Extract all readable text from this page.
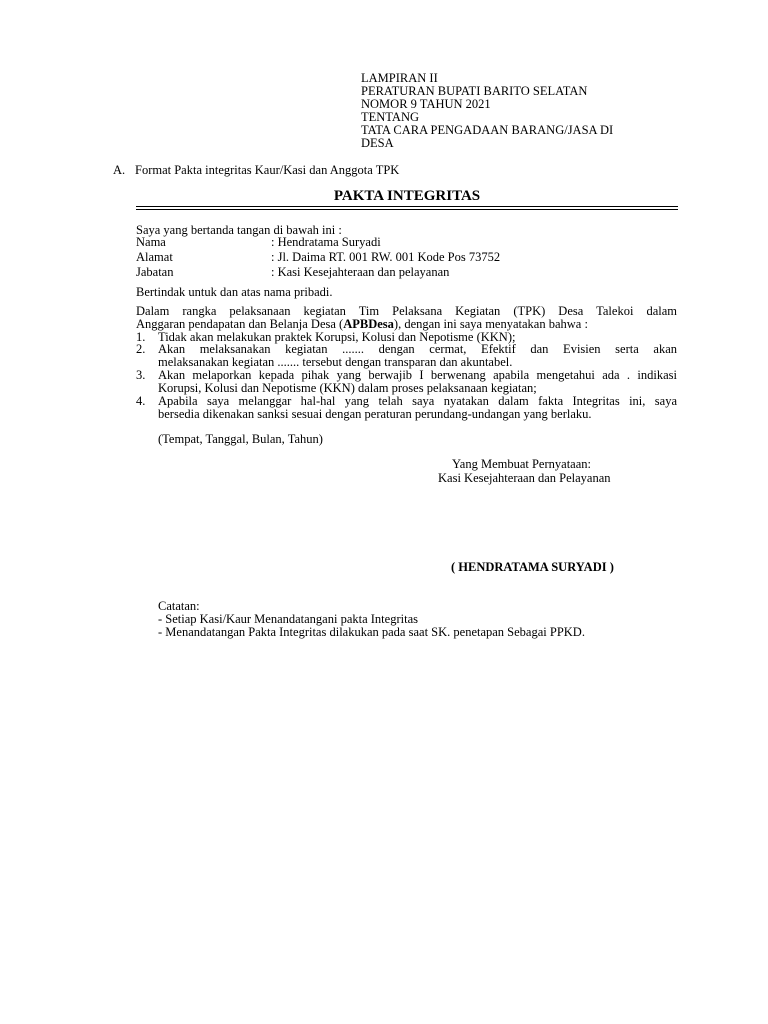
LAMPIRAN II
PERATURAN BUPATI BARITO SELATAN
NOMOR 9 TAHUN 2021
TENTANG
TATA CARA PENGADAAN BARANG/JASA DI
DESA
A. Format Pakta integritas Kaur/Kasi dan Anggota TPK
PAKTA INTEGRITAS
Saya yang bertanda tangan di bawah ini :
Nama	: Hendratama Suryadi
Alamat	: Jl. Daima RT. 001 RW. 001 Kode Pos 73752
Jabatan	: Kasi Kesejahteraan dan pelayanan
Bertindak untuk dan atas nama pribadi.
Dalam rangka pelaksanaan kegiatan Tim Pelaksana Kegiatan (TPK) Desa Talekoi dalam
Anggaran pendapatan dan Belanja Desa (APBDesa), dengan ini saya menyatakan bahwa :
1.	Tidak akan melakukan praktek Korupsi, Kolusi dan Nepotisme (KKN);
2.	Akan melaksanakan kegiatan ....... dengan cermat, Efektif dan Evisien serta akan
melaksanakan kegiatan ....... tersebut dengan transparan dan akuntabel.
3.	Akan melaporkan kepada pihak yang berwajib I berwenang apabila mengetahui ada . indikasi
Korupsi, Kolusi dan Nepotisme (KKN) dalam proses pelaksanaan kegiatan;
4.	Apabila saya melanggar hal-hal yang telah saya nyatakan dalam fakta Integritas ini, saya
bersedia dikenakan sanksi sesuai dengan peraturan perundang-undangan yang berlaku.
(Tempat, Tanggal, Bulan, Tahun)
Yang Membuat Pernyataan:
Kasi Kesejahteraan dan Pelayanan
( HENDRATAMA SURYADI )
Catatan:
- Setiap Kasi/Kaur Menandatangani pakta Integritas
- Menandatangan Pakta Integritas dilakukan pada saat SK. penetapan Sebagai PPKD.
